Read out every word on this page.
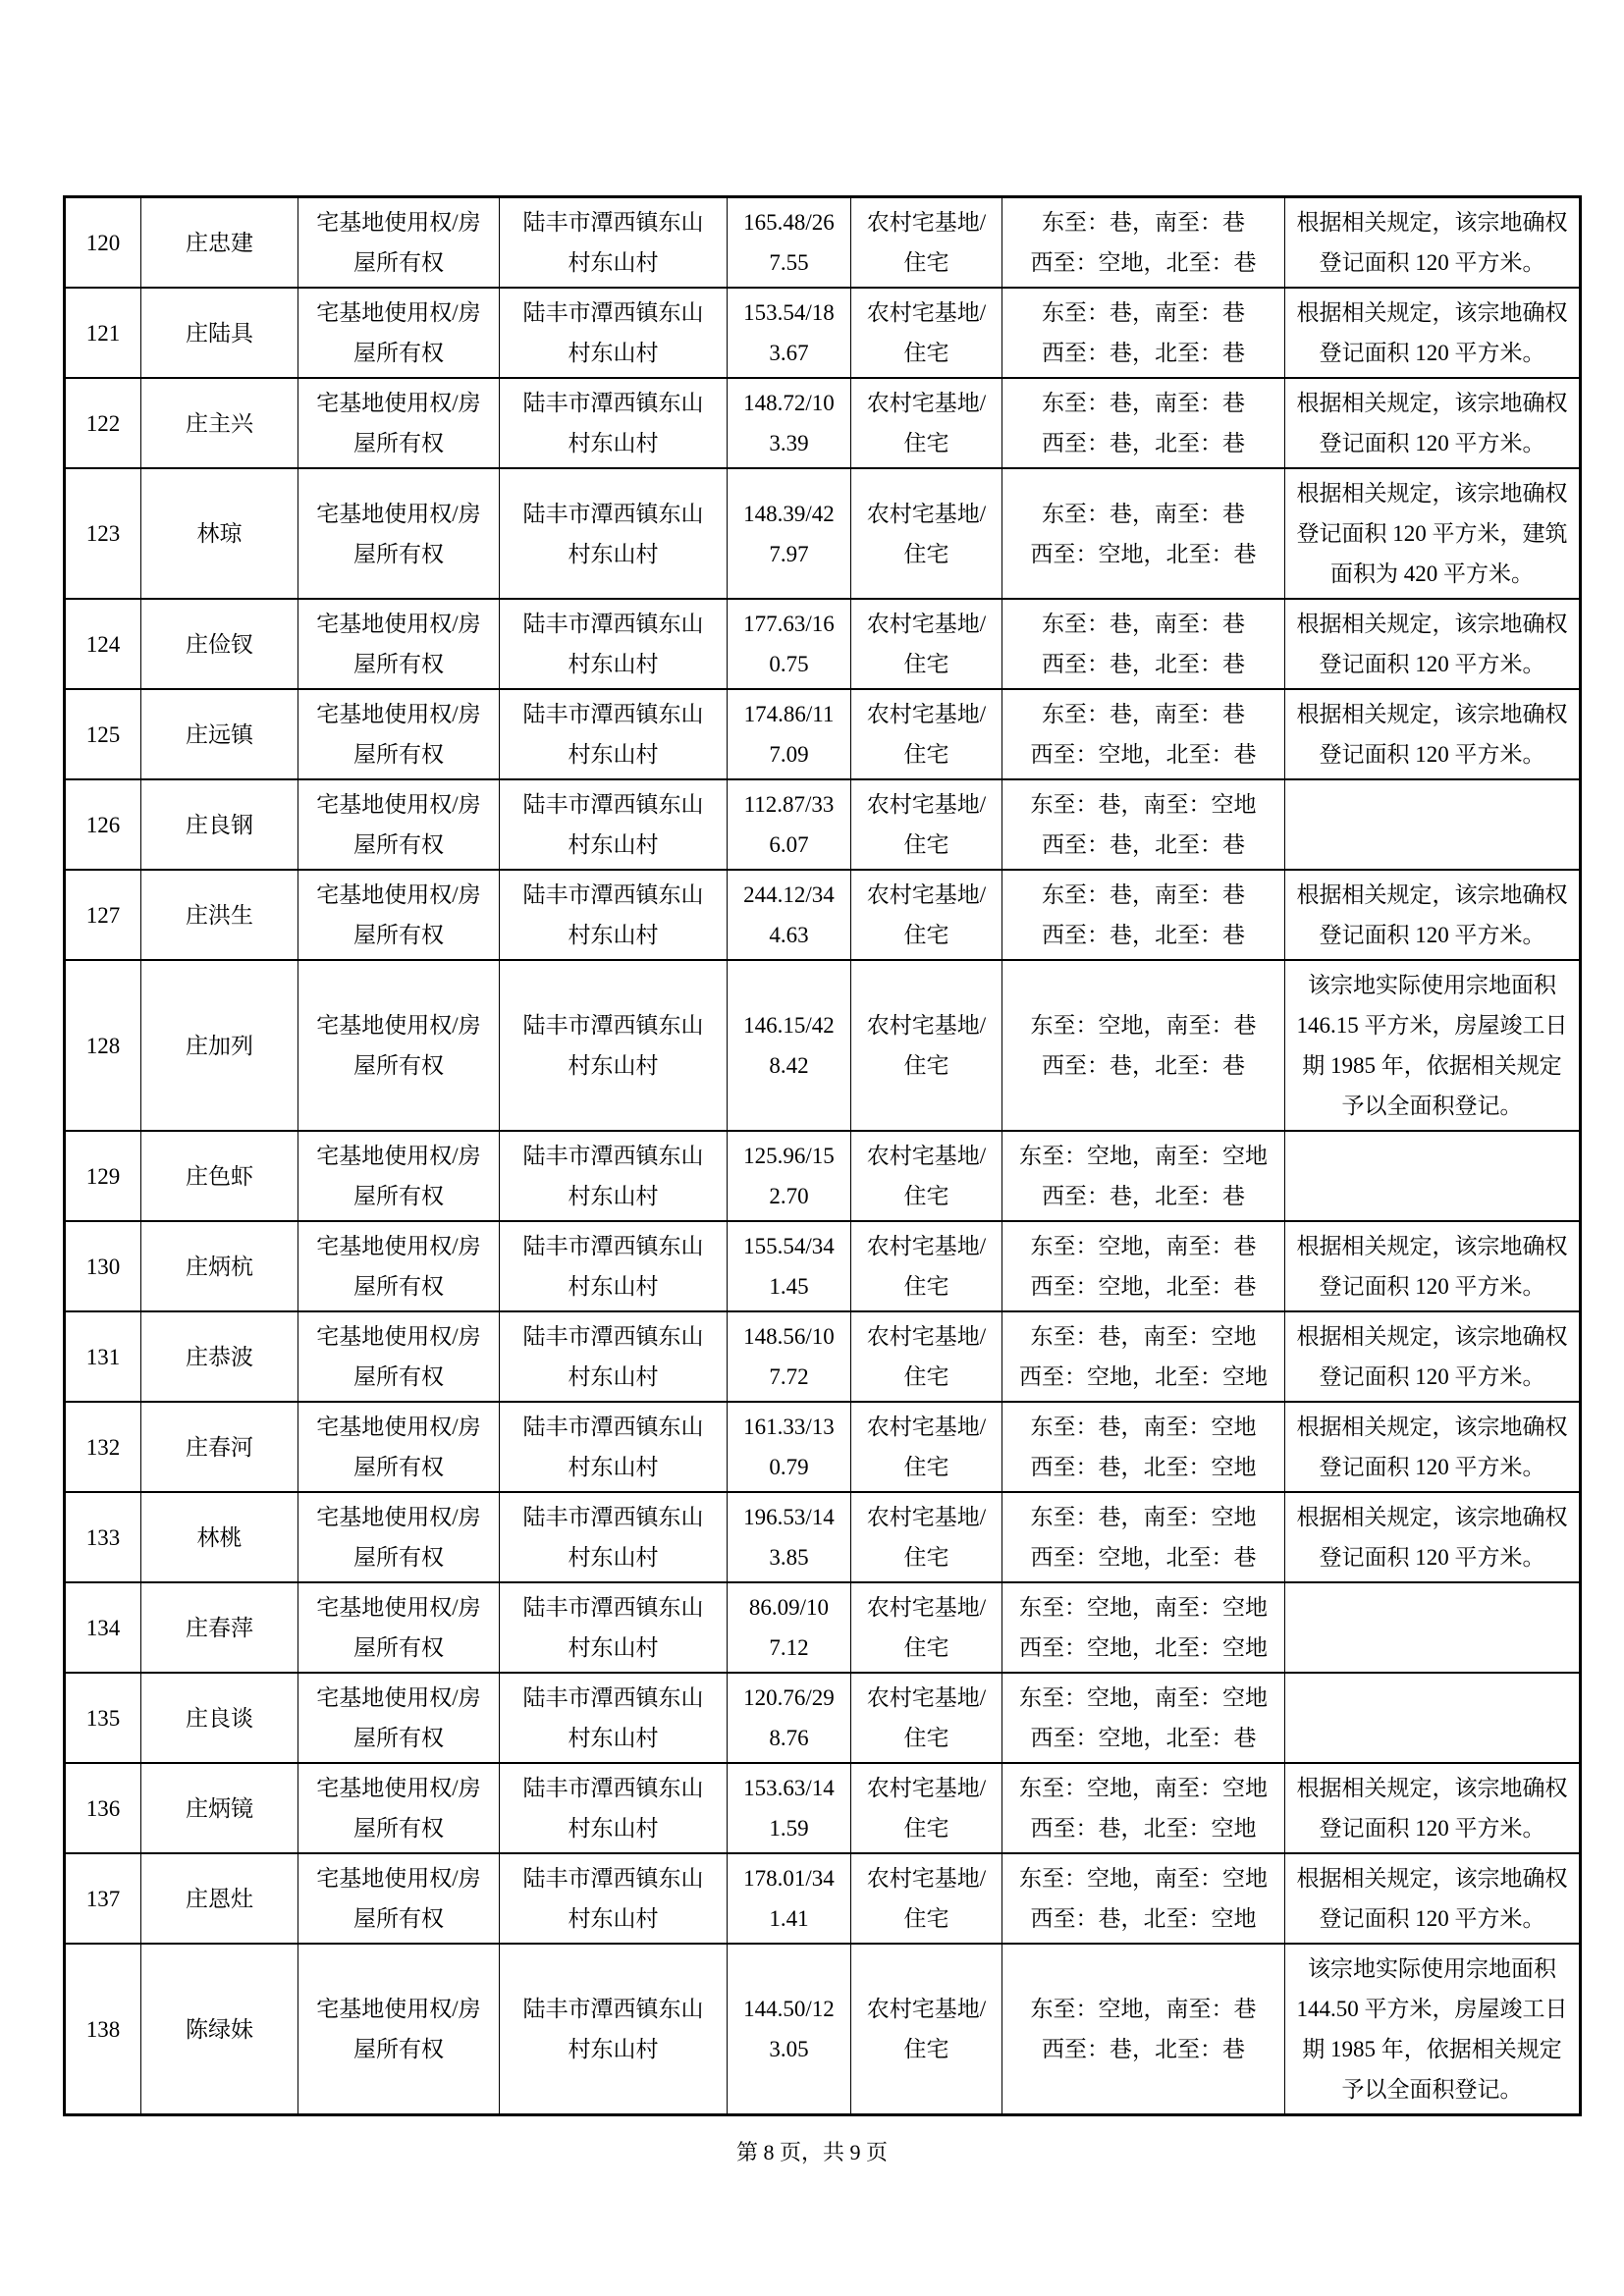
120	庄忠建	宅基地使用权/房屋所有权	陆丰市潭西镇东山村东山村	165.48/267.55	农村宅基地/住宅	东至：巷，南至：巷
西至：空地，北至：巷	根据相关规定，该宗地确权登记面积 120 平方米。
121	庄陆具	宅基地使用权/房屋所有权	陆丰市潭西镇东山村东山村	153.54/183.67	农村宅基地/住宅	东至：巷，南至：巷
西至：巷，北至：巷	根据相关规定，该宗地确权登记面积 120 平方米。
122	庄主兴	宅基地使用权/房屋所有权	陆丰市潭西镇东山村东山村	148.72/103.39	农村宅基地/住宅	东至：巷，南至：巷
西至：巷，北至：巷	根据相关规定，该宗地确权登记面积 120 平方米。
123	林琼	宅基地使用权/房屋所有权	陆丰市潭西镇东山村东山村	148.39/427.97	农村宅基地/住宅	东至：巷，南至：巷
西至：空地，北至：巷	根据相关规定，该宗地确权登记面积 120 平方米，建筑面积为 420 平方米。
124	庄俭钗	宅基地使用权/房屋所有权	陆丰市潭西镇东山村东山村	177.63/160.75	农村宅基地/住宅	东至：巷，南至：巷
西至：巷，北至：巷	根据相关规定，该宗地确权登记面积 120 平方米。
125	庄远镇	宅基地使用权/房屋所有权	陆丰市潭西镇东山村东山村	174.86/117.09	农村宅基地/住宅	东至：巷，南至：巷
西至：空地，北至：巷	根据相关规定，该宗地确权登记面积 120 平方米。
126	庄良钢	宅基地使用权/房屋所有权	陆丰市潭西镇东山村东山村	112.87/336.07	农村宅基地/住宅	东至：巷，南至：空地
西至：巷，北至：巷	

127	庄洪生	宅基地使用权/房屋所有权	陆丰市潭西镇东山村东山村	244.12/344.63	农村宅基地/住宅	东至：巷，南至：巷
西至：巷，北至：巷	根据相关规定，该宗地确权登记面积 120 平方米。
128	庄加列	宅基地使用权/房屋所有权	陆丰市潭西镇东山村东山村	146.15/428.42	农村宅基地/住宅	东至：空地，南至：巷
西至：巷，北至：巷	该宗地实际使用宗地面积 146.15 平方米，房屋竣工日期 1985 年，依据相关规定予以全面积登记。
129	庄色虾	宅基地使用权/房屋所有权	陆丰市潭西镇东山村东山村	125.96/152.70	农村宅基地/住宅	东至：空地，南至：空地
西至：巷，北至：巷	

130	庄炳杭	宅基地使用权/房屋所有权	陆丰市潭西镇东山村东山村	155.54/341.45	农村宅基地/住宅	东至：空地，南至：巷
西至：空地，北至：巷	根据相关规定，该宗地确权登记面积 120 平方米。
131	庄恭波	宅基地使用权/房屋所有权	陆丰市潭西镇东山村东山村	148.56/107.72	农村宅基地/住宅	东至：巷，南至：空地
西至：空地，北至：空地	根据相关规定，该宗地确权登记面积 120 平方米。
132	庄春河	宅基地使用权/房屋所有权	陆丰市潭西镇东山村东山村	161.33/130.79	农村宅基地/住宅	东至：巷，南至：空地
西至：巷，北至：空地	根据相关规定，该宗地确权登记面积 120 平方米。
133	林桃	宅基地使用权/房屋所有权	陆丰市潭西镇东山村东山村	196.53/143.85	农村宅基地/住宅	东至：巷，南至：空地
西至：空地，北至：巷	根据相关规定，该宗地确权登记面积 120 平方米。
134	庄春萍	宅基地使用权/房屋所有权	陆丰市潭西镇东山村东山村	86.09/107.12	农村宅基地/住宅	东至：空地，南至：空地
西至：空地，北至：空地	

135	庄良谈	宅基地使用权/房屋所有权	陆丰市潭西镇东山村东山村	120.76/298.76	农村宅基地/住宅	东至：空地，南至：空地
西至：空地，北至：巷	

136	庄炳镜	宅基地使用权/房屋所有权	陆丰市潭西镇东山村东山村	153.63/141.59	农村宅基地/住宅	东至：空地，南至：空地
西至：巷，北至：空地	根据相关规定，该宗地确权登记面积 120 平方米。
137	庄恩灶	宅基地使用权/房屋所有权	陆丰市潭西镇东山村东山村	178.01/341.41	农村宅基地/住宅	东至：空地，南至：空地
西至：巷，北至：空地	根据相关规定，该宗地确权登记面积 120 平方米。
138	陈绿妹	宅基地使用权/房屋所有权	陆丰市潭西镇东山村东山村	144.50/123.05	农村宅基地/住宅	东至：空地，南至：巷
西至：巷，北至：巷	该宗地实际使用宗地面积 144.50 平方米，房屋竣工日期 1985 年，依据相关规定予以全面积登记。
第 8 页，共 9 页
